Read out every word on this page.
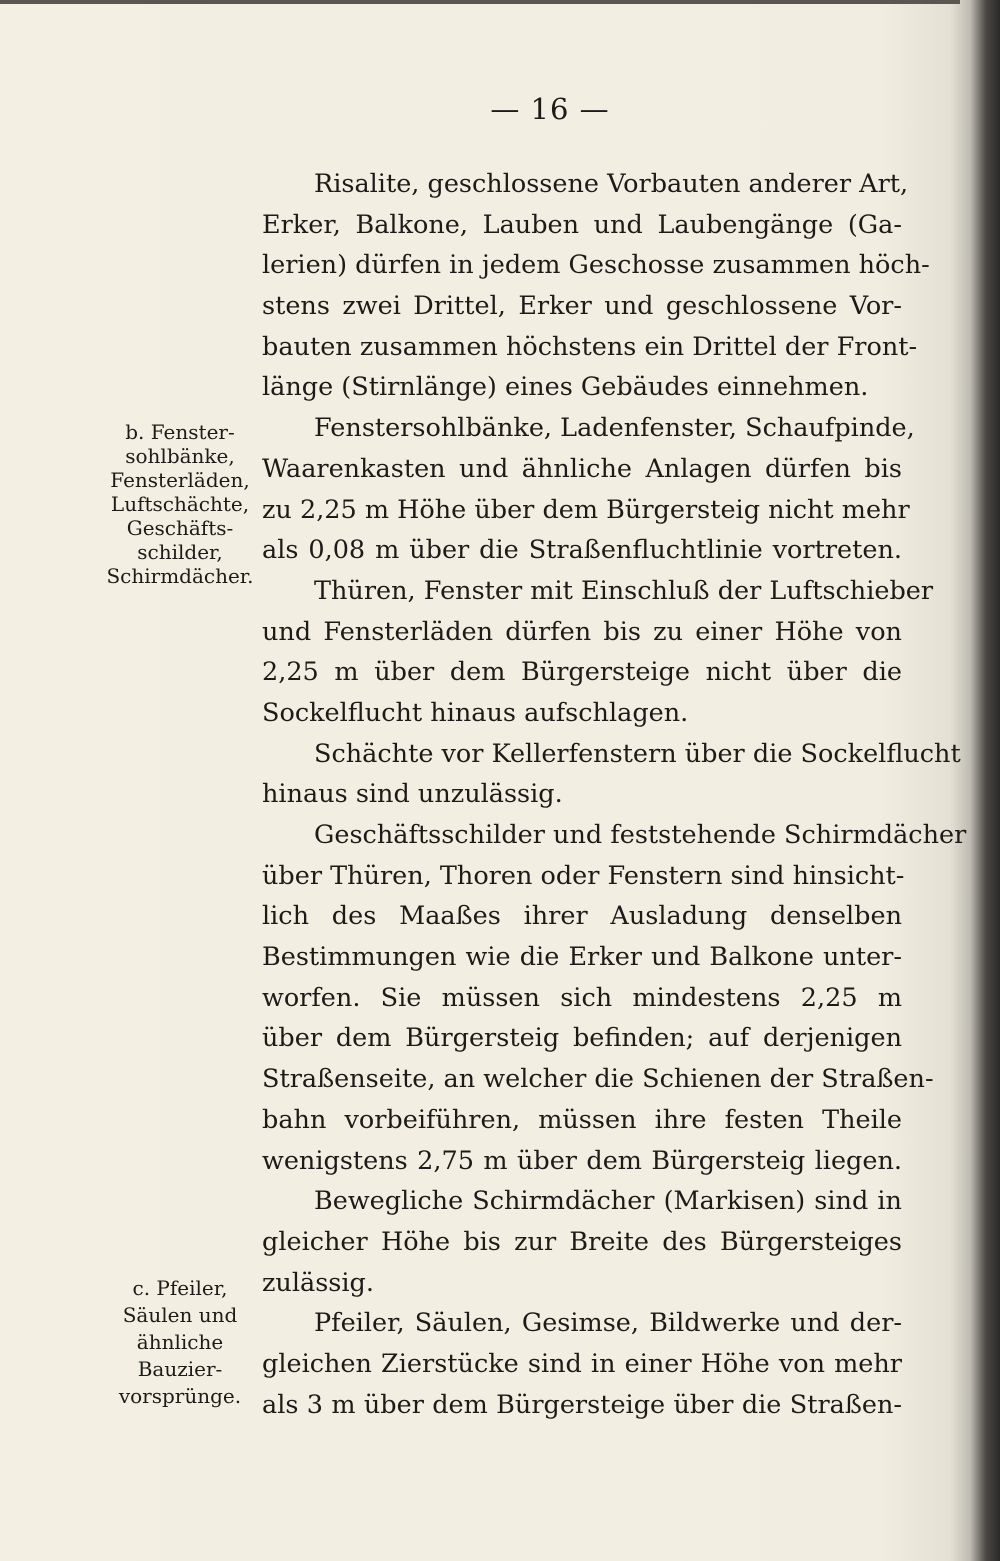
— 16 —
b. Fenster-
sohlbänke,
Fensterläden,
Luftschächte,
Geschäfts-
schilder,
Schirmdächer.
c. Pfeiler,
Säulen und
ähnliche
Bauzier-
vorsprünge.
Risalite, geschlossene Vorbauten anderer Art,
Erker, Balkone, Lauben und Laubengänge (Ga-
lerien) dürfen in jedem Geschosse zusammen höch-
stens zwei Drittel, Erker und geschlossene Vor-
bauten zusammen höchstens ein Drittel der Front-
länge (Stirnlänge) eines Gebäudes einnehmen.
Fenstersohlbänke, Ladenfenster, Schaufpinde,
Waarenkasten und ähnliche Anlagen dürfen bis
zu 2,25 m Höhe über dem Bürgersteig nicht mehr
als 0,08 m über die Straßenfluchtlinie vortreten.
Thüren, Fenster mit Einschluß der Luftschieber
und Fensterläden dürfen bis zu einer Höhe von
2,25 m über dem Bürgersteige nicht über die
Sockelflucht hinaus aufschlagen.
Schächte vor Kellerfenstern über die Sockelflucht
hinaus sind unzulässig.
Geschäftsschilder und feststehende Schirmdächer
über Thüren, Thoren oder Fenstern sind hinsicht-
lich des Maaßes ihrer Ausladung denselben
Bestimmungen wie die Erker und Balkone unter-
worfen. Sie müssen sich mindestens 2,25 m
über dem Bürgersteig befinden; auf derjenigen
Straßenseite, an welcher die Schienen der Straßen-
bahn vorbeiführen, müssen ihre festen Theile
wenigstens 2,75 m über dem Bürgersteig liegen.
Bewegliche Schirmdächer (Markisen) sind in
gleicher Höhe bis zur Breite des Bürgersteiges
zulässig.
Pfeiler, Säulen, Gesimse, Bildwerke und der-
gleichen Zierstücke sind in einer Höhe von mehr
als 3 m über dem Bürgersteige über die Straßen-
